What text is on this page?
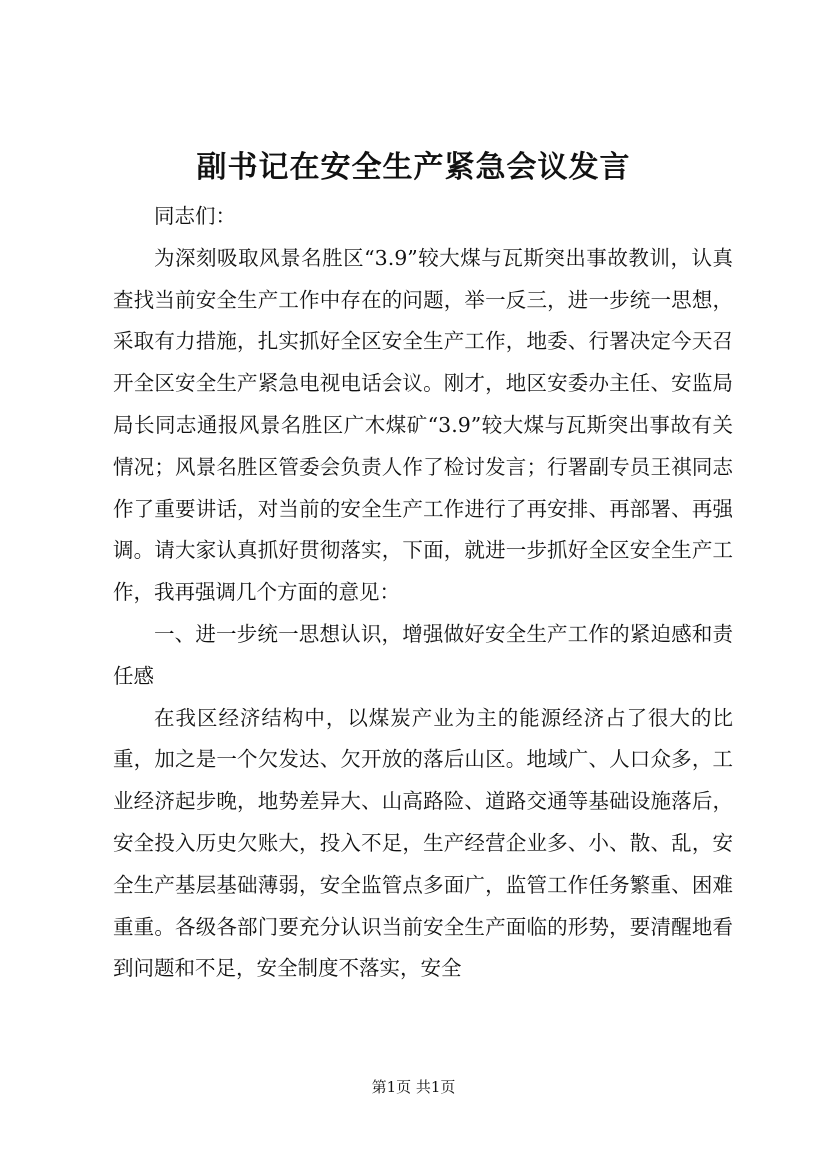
副书记在安全生产紧急会议发言

同志们：

为深刻吸取风景名胜区“3.9”较大煤与瓦斯突出事故教训，认真查找当前安全生产工作中存在的问题，举一反三，进一步统一思想，采取有力措施，扎实抓好全区安全生产工作，地委、行署决定今天召开全区安全生产紧急电视电话会议。刚才，地区安委办主任、安监局局长同志通报风景名胜区广木煤矿“3.9”较大煤与瓦斯突出事故有关情况；风景名胜区管委会负责人作了检讨发言；行署副专员王祺同志作了重要讲话，对当前的安全生产工作进行了再安排、再部署、再强调。请大家认真抓好贯彻落实，下面，就进一步抓好全区安全生产工作，我再强调几个方面的意见：

一、进一步统一思想认识，增强做好安全生产工作的紧迫感和责任感

在我区经济结构中，以煤炭产业为主的能源经济占了很大的比重，加之是一个欠发达、欠开放的落后山区。地域广、人口众多，工业经济起步晚，地势差异大、山高路险、道路交通等基础设施落后，安全投入历史欠账大，投入不足，生产经营企业多、小、散、乱，安全生产基层基础薄弱，安全监管点多面广，监管工作任务繁重、困难重重。各级各部门要充分认识当前安全生产面临的形势，要清醒地看到问题和不足，安全制度不落实，安全

第1页 共1页
